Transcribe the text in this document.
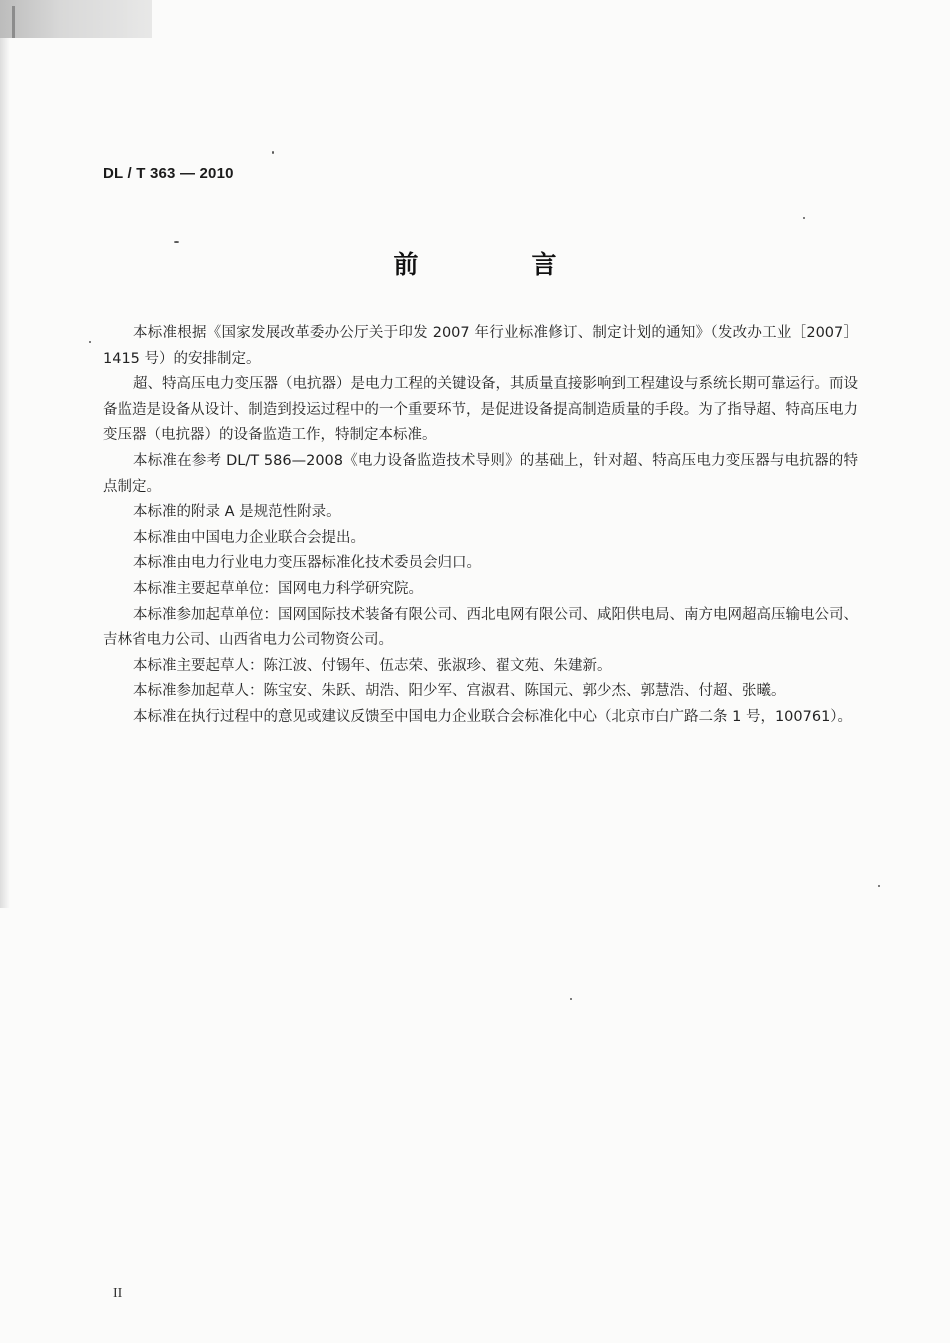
DL / T 363 — 2010

前　言

本标准根据《国家发展改革委办公厅关于印发 2007 年行业标准修订、制定计划的通知》（发改办工业［2007］1415 号）的安排制定。

超、特高压电力变压器（电抗器）是电力工程的关键设备，其质量直接影响到工程建设与系统长期可靠运行。而设备监造是设备从设计、制造到投运过程中的一个重要环节，是促进设备提高制造质量的手段。为了指导超、特高压电力变压器（电抗器）的设备监造工作，特制定本标准。

本标准在参考 DL/T 586—2008《电力设备监造技术导则》的基础上，针对超、特高压电力变压器与电抗器的特点制定。

本标准的附录 A 是规范性附录。

本标准由中国电力企业联合会提出。

本标准由电力行业电力变压器标准化技术委员会归口。

本标准主要起草单位：国网电力科学研究院。

本标准参加起草单位：国网国际技术装备有限公司、西北电网有限公司、咸阳供电局、南方电网超高压输电公司、吉林省电力公司、山西省电力公司物资公司。

本标准主要起草人：陈江波、付锡年、伍志荣、张淑珍、翟文苑、朱建新。

本标准参加起草人：陈宝安、朱跃、胡浩、阳少军、宫淑君、陈国元、郭少杰、郭慧浩、付超、张曦。

本标准在执行过程中的意见或建议反馈至中国电力企业联合会标准化中心（北京市白广路二条 1 号，100761）。

II
